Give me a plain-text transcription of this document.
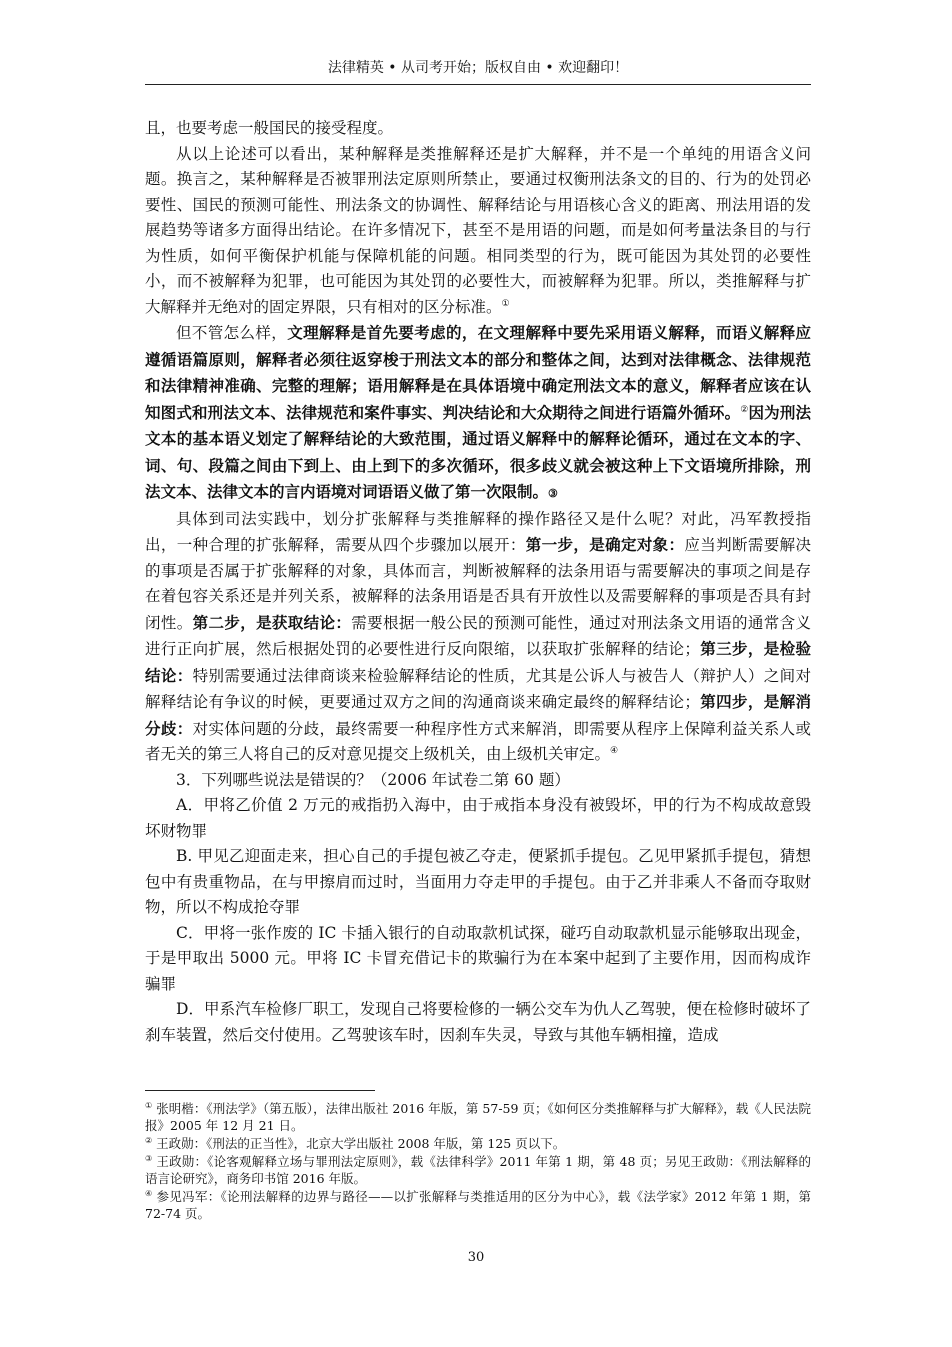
法律精英 • 从司考开始；版权自由 • 欢迎翻印！

且，也要考虑一般国民的接受程度。

从以上论述可以看出，某种解释是类推解释还是扩大解释，并不是一个单纯的用语含义问题。换言之，某种解释是否被罪刑法定原则所禁止，要通过权衡刑法条文的目的、行为的处罚必要性、国民的预测可能性、刑法条文的协调性、解释结论与用语核心含义的距离、刑法用语的发展趋势等诸多方面得出结论。在许多情况下，甚至不是用语的问题，而是如何考量法条目的与行为性质，如何平衡保护机能与保障机能的问题。相同类型的行为，既可能因为其处罚的必要性小，而不被解释为犯罪，也可能因为其处罚的必要性大，而被解释为犯罪。所以，类推解释与扩大解释并无绝对的固定界限，只有相对的区分标准。①

但不管怎么样，文理解释是首先要考虑的，在文理解释中要先采用语义解释，而语义解释应遵循语篇原则，解释者必须往返穿梭于刑法文本的部分和整体之间，达到对法律概念、法律规范和法律精神准确、完整的理解；语用解释是在具体语境中确定刑法文本的意义，解释者应该在认知图式和刑法文本、法律规范和案件事实、判决结论和大众期待之间进行语篇外循环。②因为刑法文本的基本语义划定了解释结论的大致范围，通过语义解释中的解释论循环，通过在文本的字、词、句、段篇之间由下到上、由上到下的多次循环，很多歧义就会被这种上下文语境所排除，刑法文本、法律文本的言内语境对词语语义做了第一次限制。③

具体到司法实践中，划分扩张解释与类推解释的操作路径又是什么呢？对此，冯军教授指出，一种合理的扩张解释，需要从四个步骤加以展开：第一步，是确定对象：应当判断需要解决的事项是否属于扩张解释的对象，具体而言，判断被解释的法条用语与需要解决的事项之间是存在着包容关系还是并列关系，被解释的法条用语是否具有开放性以及需要解释的事项是否具有封闭性。第二步，是获取结论：需要根据一般公民的预测可能性，通过对刑法条文用语的通常含义进行正向扩展，然后根据处罚的必要性进行反向限缩，以获取扩张解释的结论；第三步，是检验结论：特别需要通过法律商谈来检验解释结论的性质，尤其是公诉人与被告人（辩护人）之间对解释结论有争议的时候，更要通过双方之间的沟通商谈来确定最终的解释结论；第四步，是解消分歧：对实体问题的分歧，最终需要一种程序性方式来解消，即需要从程序上保障利益关系人或者无关的第三人将自己的反对意见提交上级机关，由上级机关审定。④

3．下列哪些说法是错误的？（2006 年试卷二第 60 题）

A．甲将乙价值 2 万元的戒指扔入海中，由于戒指本身没有被毁坏，甲的行为不构成故意毁坏财物罪

B. 甲见乙迎面走来，担心自己的手提包被乙夺走，便紧抓手提包。乙见甲紧抓手提包，猜想包中有贵重物品，在与甲擦肩而过时，当面用力夺走甲的手提包。由于乙并非乘人不备而夺取财物，所以不构成抢夺罪

C．甲将一张作废的 IC 卡插入银行的自动取款机试探，碰巧自动取款机显示能够取出现金，于是甲取出 5000 元。甲将 IC 卡冒充借记卡的欺骗行为在本案中起到了主要作用，因而构成诈骗罪

D．甲系汽车检修厂职工，发现自己将要检修的一辆公交车为仇人乙驾驶，便在检修时破坏了刹车装置，然后交付使用。乙驾驶该车时，因刹车失灵，导致与其他车辆相撞，造成

① 张明楷：《刑法学》（第五版），法律出版社 2016 年版，第 57-59 页；《如何区分类推解释与扩大解释》，载《人民法院报》2005 年 12 月 21 日。

② 王政勋：《刑法的正当性》，北京大学出版社 2008 年版，第 125 页以下。

③ 王政勋：《论客观解释立场与罪刑法定原则》，载《法律科学》2011 年第 1 期，第 48 页；另见王政勋：《刑法解释的语言论研究》，商务印书馆 2016 年版。

④ 参见冯军：《论刑法解释的边界与路径——以扩张解释与类推适用的区分为中心》，载《法学家》2012 年第 1 期，第 72-74 页。

30
